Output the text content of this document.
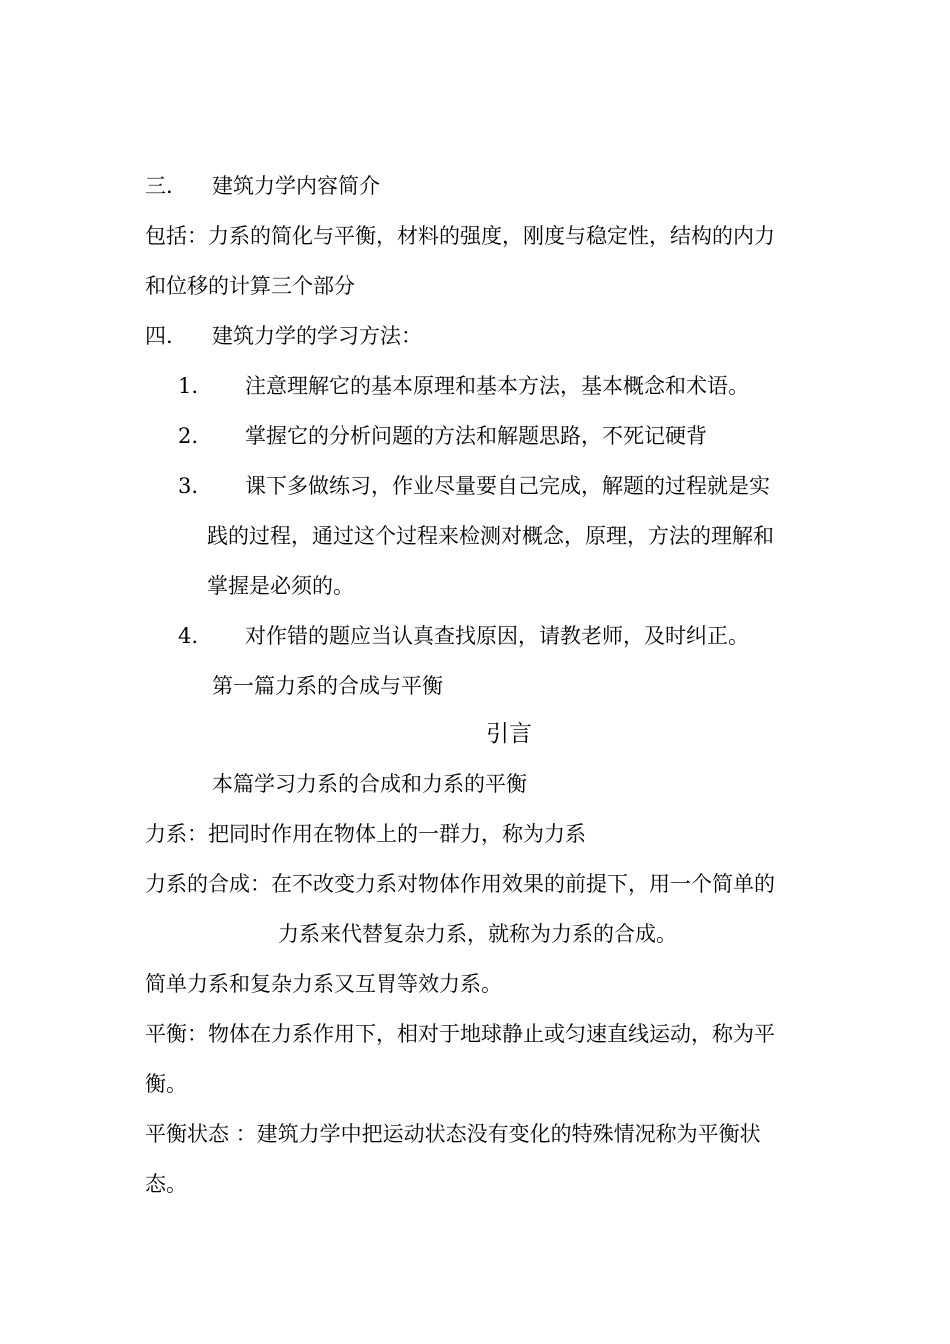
三. 建筑力学内容简介
包括：力系的简化与平衡，材料的强度，刚度与稳定性，结构的内力
和位移的计算三个部分
四. 建筑力学的学习方法：
1. 注意理解它的基本原理和基本方法，基本概念和术语。
2. 掌握它的分析问题的方法和解题思路，不死记硬背
3. 课下多做练习，作业尽量要自己完成，解题的过程就是实
践的过程，通过这个过程来检测对概念，原理，方法的理解和
掌握是必须的。
4. 对作错的题应当认真查找原因，请教老师，及时纠正。
第一篇力系的合成与平衡
引言
本篇学习力系的合成和力系的平衡
力系：把同时作用在物体上的一群力，称为力系
力系的合成：在不改变力系对物体作用效果的前提下，用一个简单的
力系来代替复杂力系，就称为力系的合成。
简单力系和复杂力系又互胃等效力系。
平衡：物体在力系作用下，相对于地球静止或匀速直线运动，称为平
衡。
平衡状态 ：建筑力学中把运动状态没有变化的特殊情况称为平衡状
态。
